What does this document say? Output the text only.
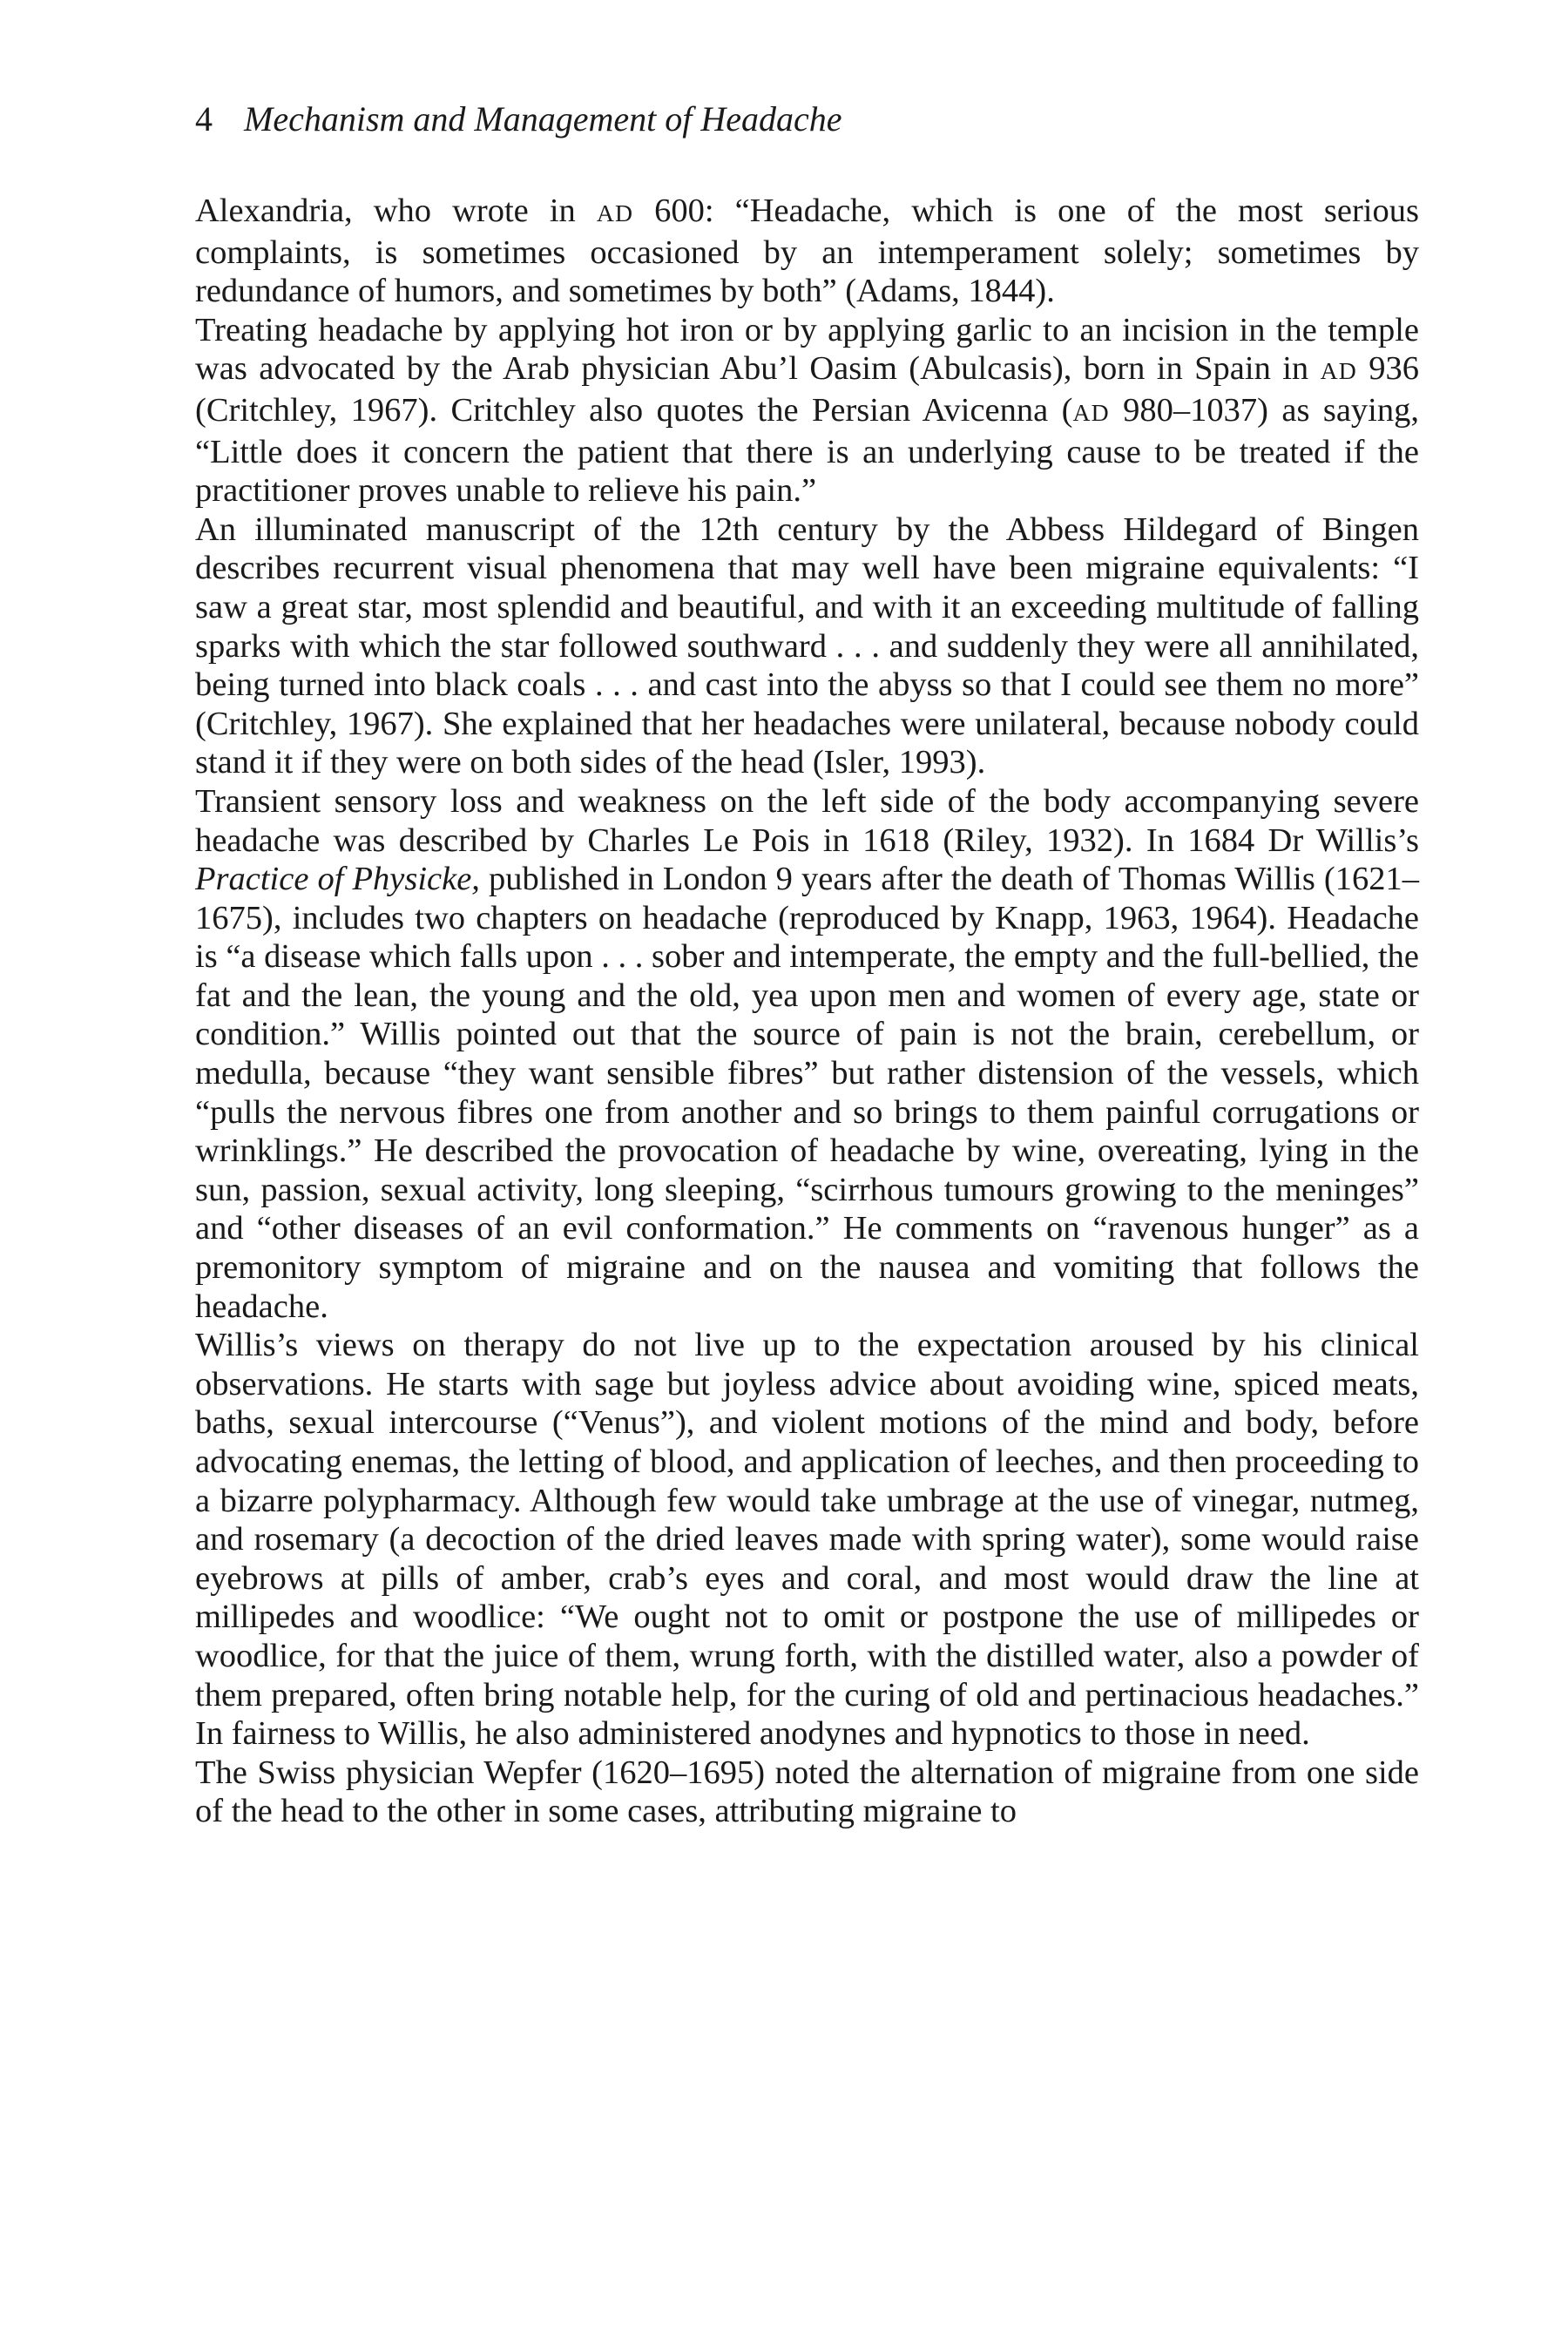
4 Mechanism and Management of Headache

Alexandria, who wrote in AD 600: “Headache, which is one of the most serious complaints, is sometimes occasioned by an intemperament solely; sometimes by redundance of humors, and sometimes by both” (Adams, 1844).

Treating headache by applying hot iron or by applying garlic to an incision in the temple was advocated by the Arab physician Abu’l Oasim (Abulcasis), born in Spain in AD 936 (Critchley, 1967). Critchley also quotes the Persian Avicenna (AD 980–1037) as saying, “Little does it concern the patient that there is an underlying cause to be treated if the practitioner proves unable to relieve his pain.”

An illuminated manuscript of the 12th century by the Abbess Hildegard of Bingen describes recurrent visual phenomena that may well have been migraine equivalents: “I saw a great star, most splendid and beautiful, and with it an exceeding multitude of falling sparks with which the star followed southward . . . and suddenly they were all annihilated, being turned into black coals . . . and cast into the abyss so that I could see them no more” (Critchley, 1967). She explained that her headaches were unilateral, because nobody could stand it if they were on both sides of the head (Isler, 1993).

Transient sensory loss and weakness on the left side of the body accompanying severe headache was described by Charles Le Pois in 1618 (Riley, 1932). In 1684 Dr Willis’s Practice of Physicke, published in London 9 years after the death of Thomas Willis (1621–1675), includes two chapters on headache (reproduced by Knapp, 1963, 1964). Headache is “a disease which falls upon . . . sober and intemperate, the empty and the full-bellied, the fat and the lean, the young and the old, yea upon men and women of every age, state or condition.” Willis pointed out that the source of pain is not the brain, cerebellum, or medulla, because “they want sensible fibres” but rather distension of the vessels, which “pulls the nervous fibres one from another and so brings to them painful corrugations or wrinklings.” He described the provocation of headache by wine, overeating, lying in the sun, passion, sexual activity, long sleeping, “scirrhous tumours growing to the meninges” and “other diseases of an evil conformation.” He comments on “ravenous hunger” as a premonitory symptom of migraine and on the nausea and vomiting that follows the headache.

Willis’s views on therapy do not live up to the expectation aroused by his clinical observations. He starts with sage but joyless advice about avoiding wine, spiced meats, baths, sexual intercourse (“Venus”), and violent motions of the mind and body, before advocating enemas, the letting of blood, and application of leeches, and then proceeding to a bizarre polypharmacy. Although few would take umbrage at the use of vinegar, nutmeg, and rosemary (a decoction of the dried leaves made with spring water), some would raise eyebrows at pills of amber, crab’s eyes and coral, and most would draw the line at millipedes and woodlice: “We ought not to omit or postpone the use of millipedes or woodlice, for that the juice of them, wrung forth, with the distilled water, also a powder of them prepared, often bring notable help, for the curing of old and pertinacious headaches.” In fairness to Willis, he also administered anodynes and hypnotics to those in need.

The Swiss physician Wepfer (1620–1695) noted the alternation of migraine from one side of the head to the other in some cases, attributing migraine to
